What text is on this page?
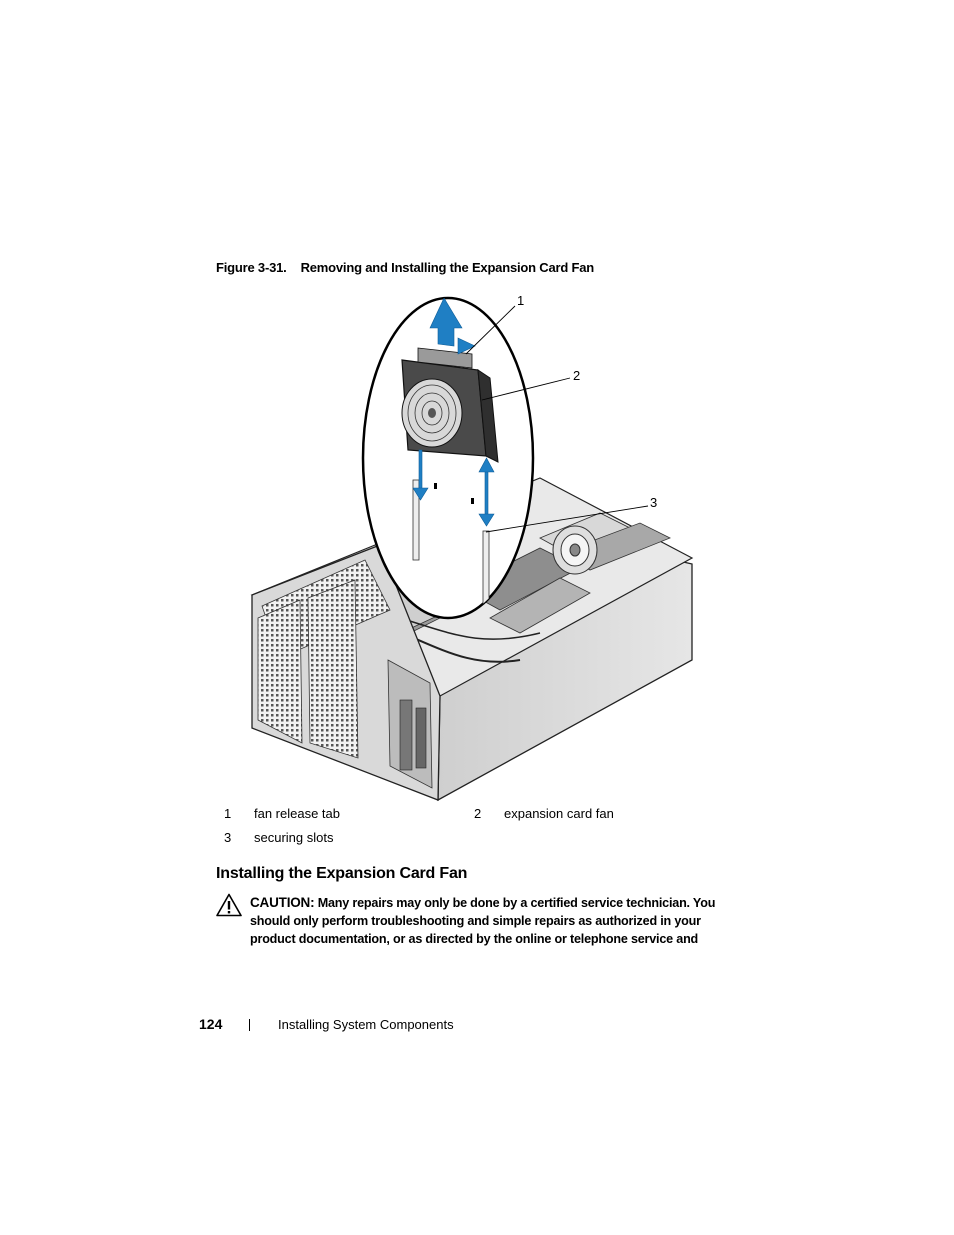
Figure 3-31. Removing and Installing the Expansion Card Fan
1
2
3
1 fan release tab	2 expansion card fan
3 securing slots
Installing the Expansion Card Fan
CAUTION: Many repairs may only be done by a certified service technician. You
should only perform troubleshooting and simple repairs as authorized in your
product documentation, or as directed by the online or telephone service and
124	Installing System Components
